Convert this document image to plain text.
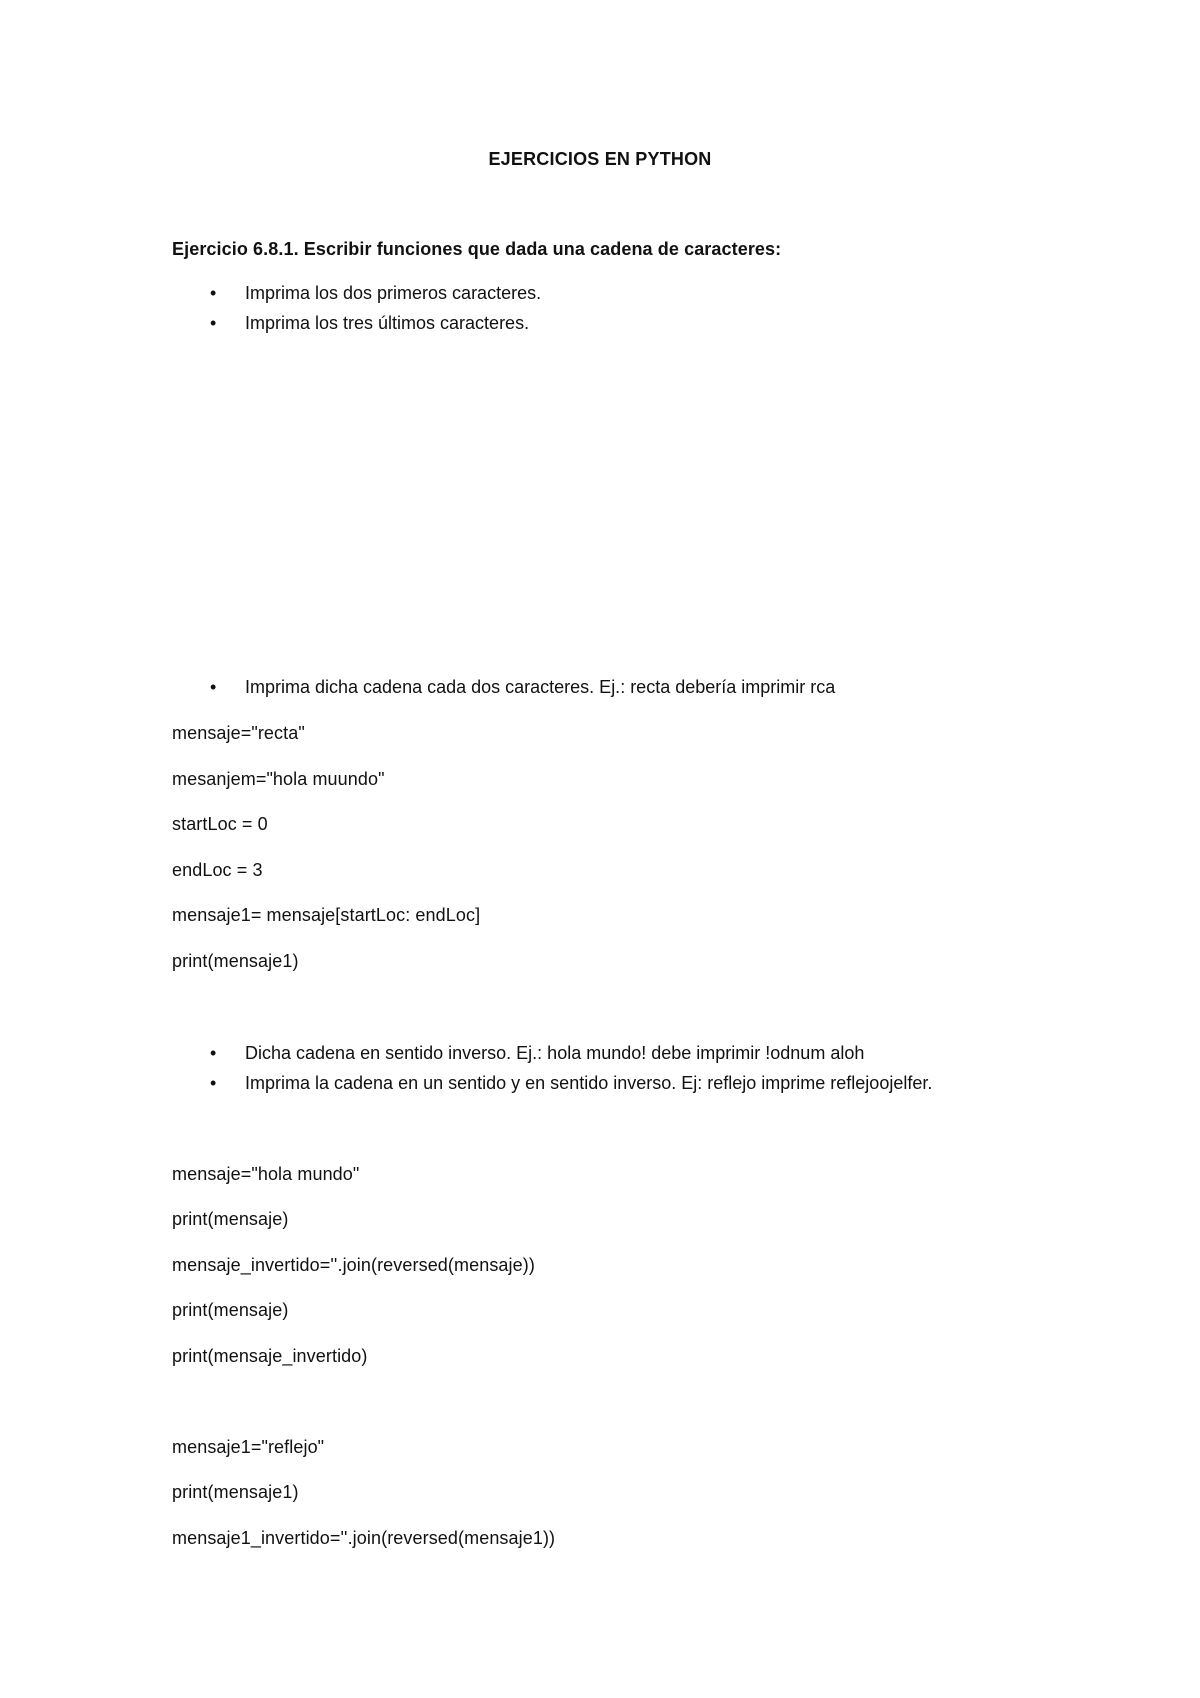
EJERCICIOS EN PYTHON
Ejercicio 6.8.1. Escribir funciones que dada una cadena de caracteres:
• Imprima los dos primeros caracteres.
• Imprima los tres últimos caracteres.
• Imprima dicha cadena cada dos caracteres. Ej.: recta debería imprimir rca
mensaje="recta"
mesanjem="hola muundo"
startLoc = 0
endLoc = 3
mensaje1= mensaje[startLoc: endLoc]
print(mensaje1)
• Dicha cadena en sentido inverso. Ej.: hola mundo! debe imprimir !odnum aloh
• Imprima la cadena en un sentido y en sentido inverso. Ej: reflejo imprime reflejoojelfer.
mensaje="hola mundo"
print(mensaje)
mensaje_invertido=''.join(reversed(mensaje))
print(mensaje)
print(mensaje_invertido)
mensaje1="reflejo"
print(mensaje1)
mensaje1_invertido=''.join(reversed(mensaje1))
